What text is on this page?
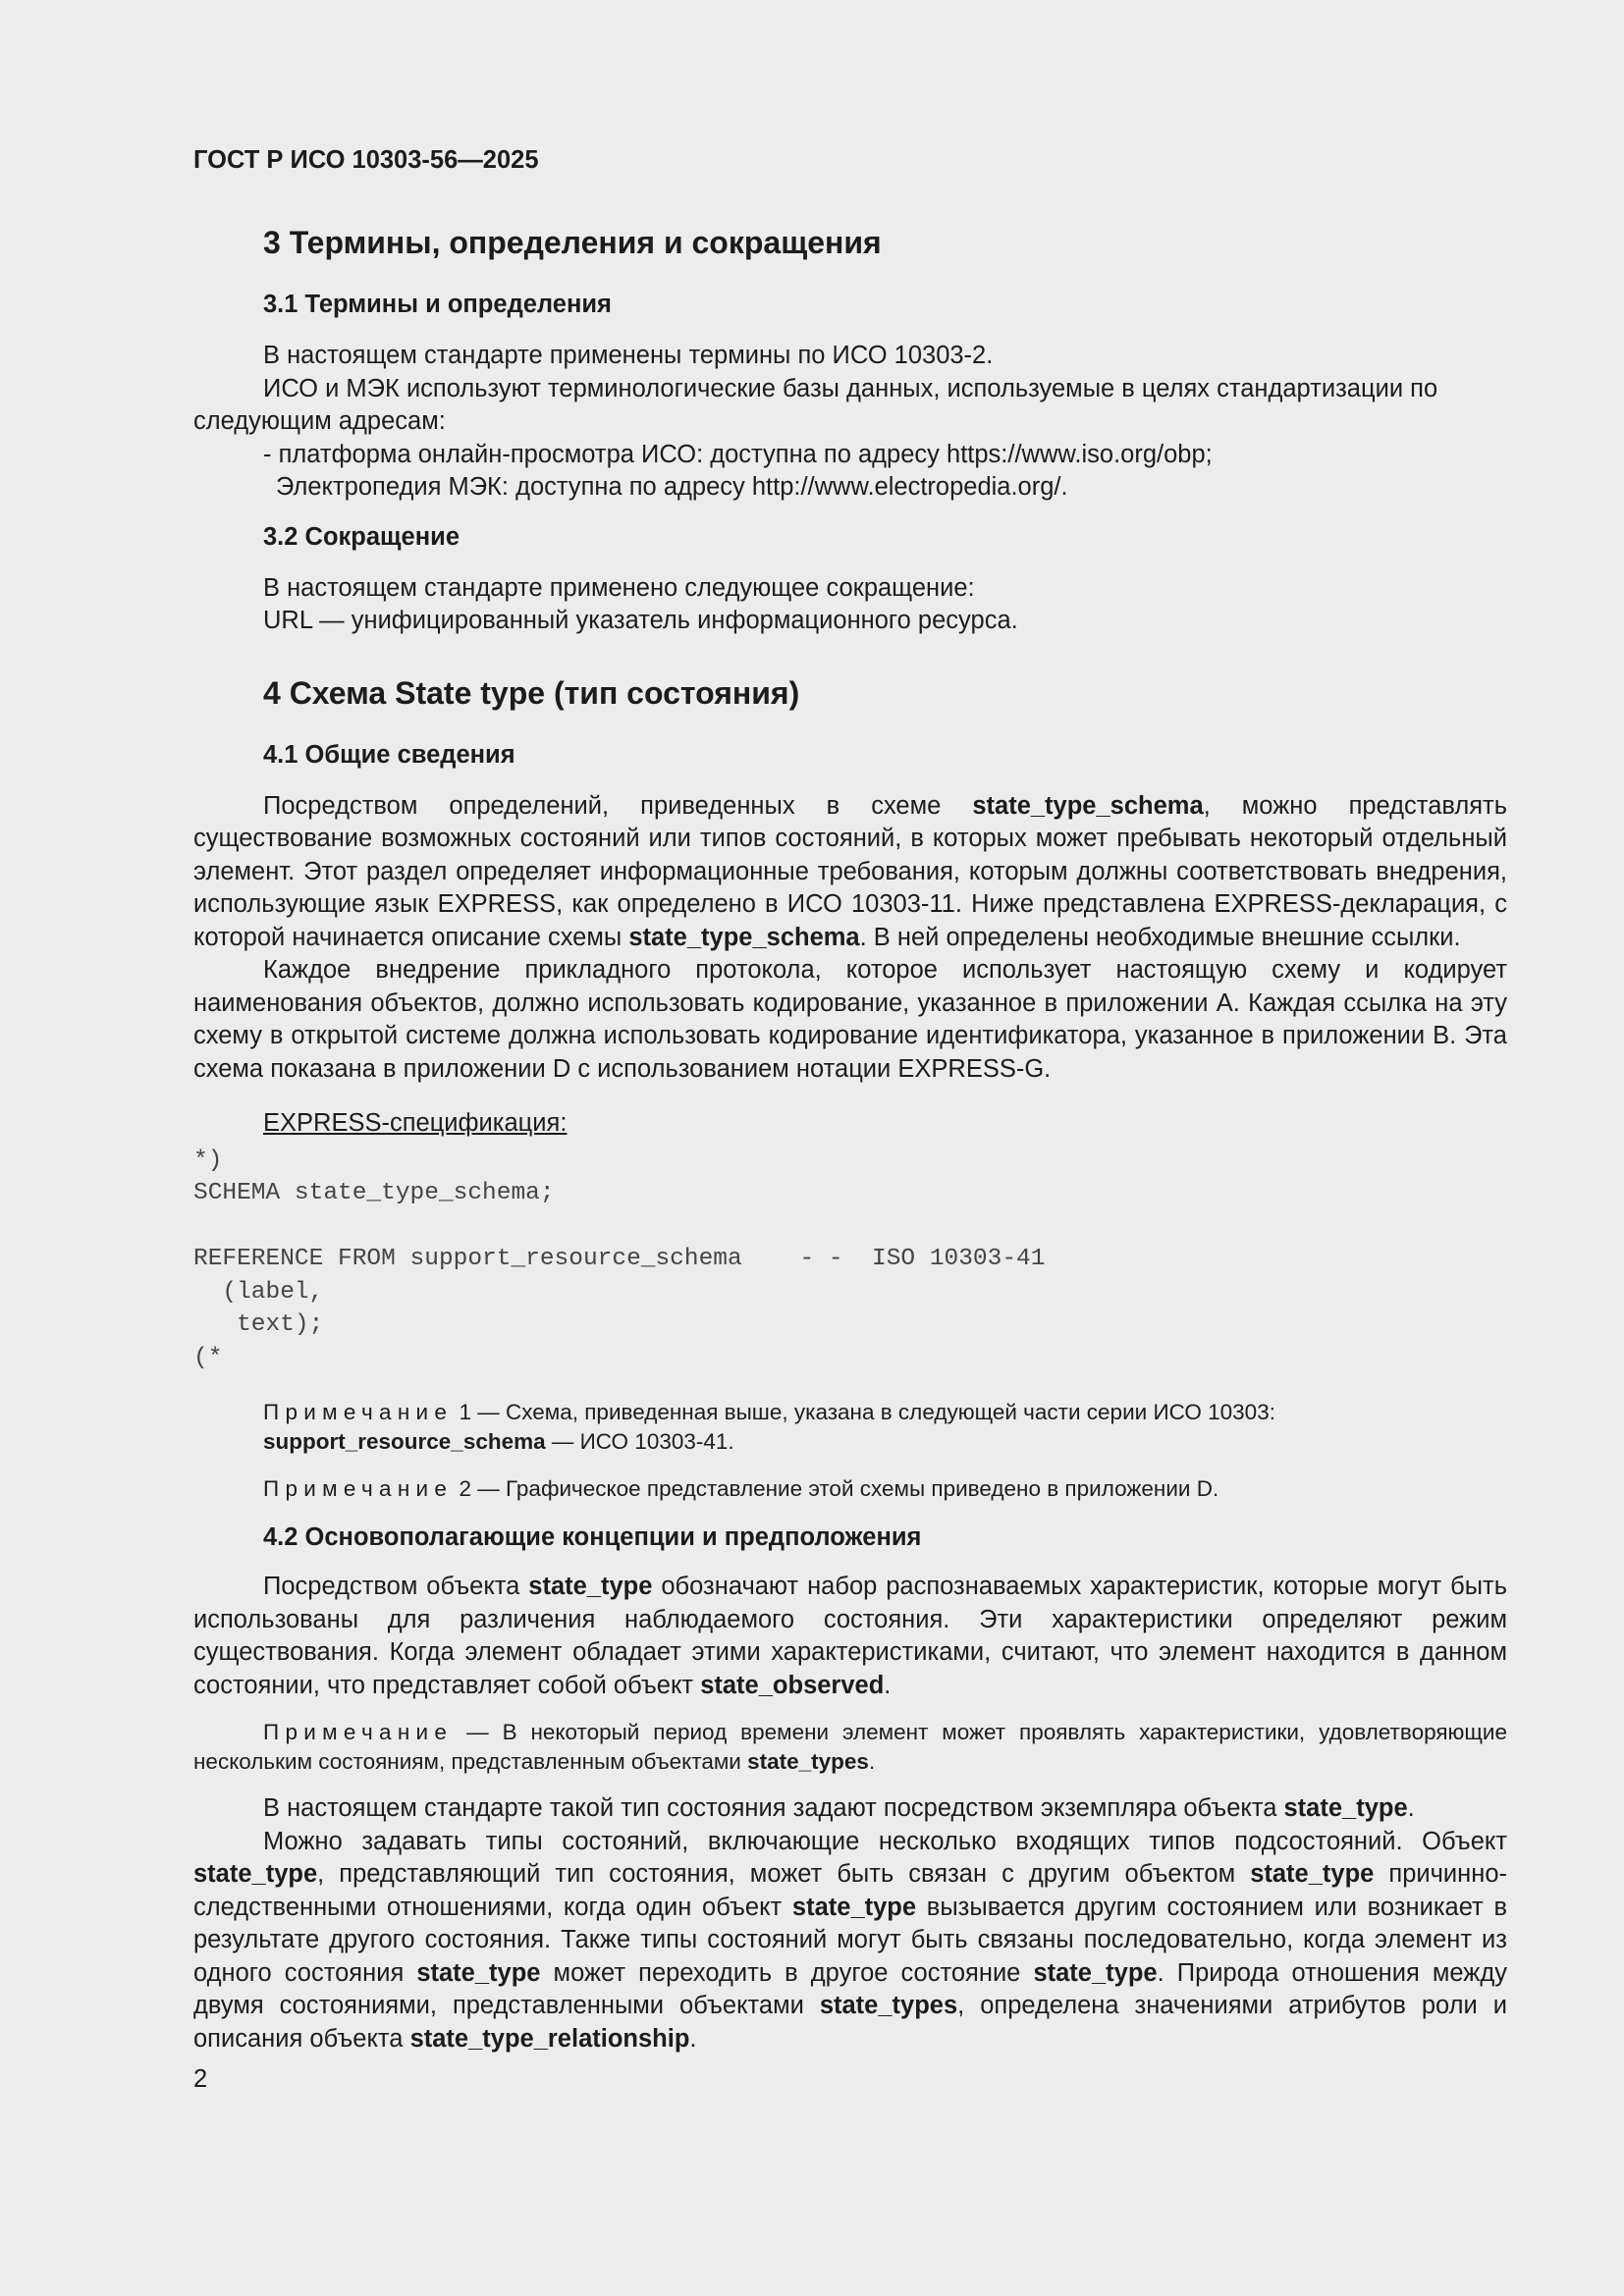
ГОСТ Р ИСО 10303-56—2025

3 Термины, определения и сокращения
3.1 Термины и определения

В настоящем стандарте применены термины по ИСО 10303-2.

ИСО и МЭК используют терминологические базы данных, используемые в целях стандартизации по следующим адресам:

- платформа онлайн-просмотра ИСО: доступна по адресу https://www.iso.org/obp;

Электропедия МЭК: доступна по адресу http://www.electropedia.org/.

3.2 Сокращение

В настоящем стандарте применено следующее сокращение:

URL — унифицированный указатель информационного ресурса.

4 Схема State type (тип состояния)
4.1 Общие сведения

Посредством определений, приведенных в схеме state_type_schema, можно представлять существование возможных состояний или типов состояний, в которых может пребывать некоторый отдельный элемент. Этот раздел определяет информационные требования, которым должны соответствовать внедрения, использующие язык EXPRESS, как определено в ИСО 10303-11. Ниже представлена EXPRESS-декларация, с которой начинается описание схемы state_type_schema. В ней определены необходимые внешние ссылки.

Каждое внедрение прикладного протокола, которое использует настоящую схему и кодирует наименования объектов, должно использовать кодирование, указанное в приложении А. Каждая ссылка на эту схему в открытой системе должна использовать кодирование идентификатора, указанное в приложении В. Эта схема показана в приложении D с использованием нотации EXPRESS-G.

EXPRESS-спецификация:

*)
SCHEMA state_type_schema;

REFERENCE FROM support_resource_schema    - -  ISO 10303-41
(label,
text);
(*

Примечание 1 — Схема, приведенная выше, указана в следующей части серии ИСО 10303:

support_resource_schema — ИСО 10303-41.

Примечание 2 — Графическое представление этой схемы приведено в приложении D.

4.2 Основополагающие концепции и предположения

Посредством объекта state_type обозначают набор распознаваемых характеристик, которые могут быть использованы для различения наблюдаемого состояния. Эти характеристики определяют режим существования. Когда элемент обладает этими характеристиками, считают, что элемент находится в данном состоянии, что представляет собой объект state_observed.

Примечание — В некоторый период времени элемент может проявлять характеристики, удовлетворяющие нескольким состояниям, представленным объектами state_types.

В настоящем стандарте такой тип состояния задают посредством экземпляра объекта state_type.

Можно задавать типы состояний, включающие несколько входящих типов подсостояний. Объект state_type, представляющий тип состояния, может быть связан с другим объектом state_type причинно-следственными отношениями, когда один объект state_type вызывается другим состоянием или возникает в результате другого состояния. Также типы состояний могут быть связаны последовательно, когда элемент из одного состояния state_type может переходить в другое состояние state_type. Природа отношения между двумя состояниями, представленными объектами state_types, определена значениями атрибутов роли и описания объекта state_type_relationship.

2
